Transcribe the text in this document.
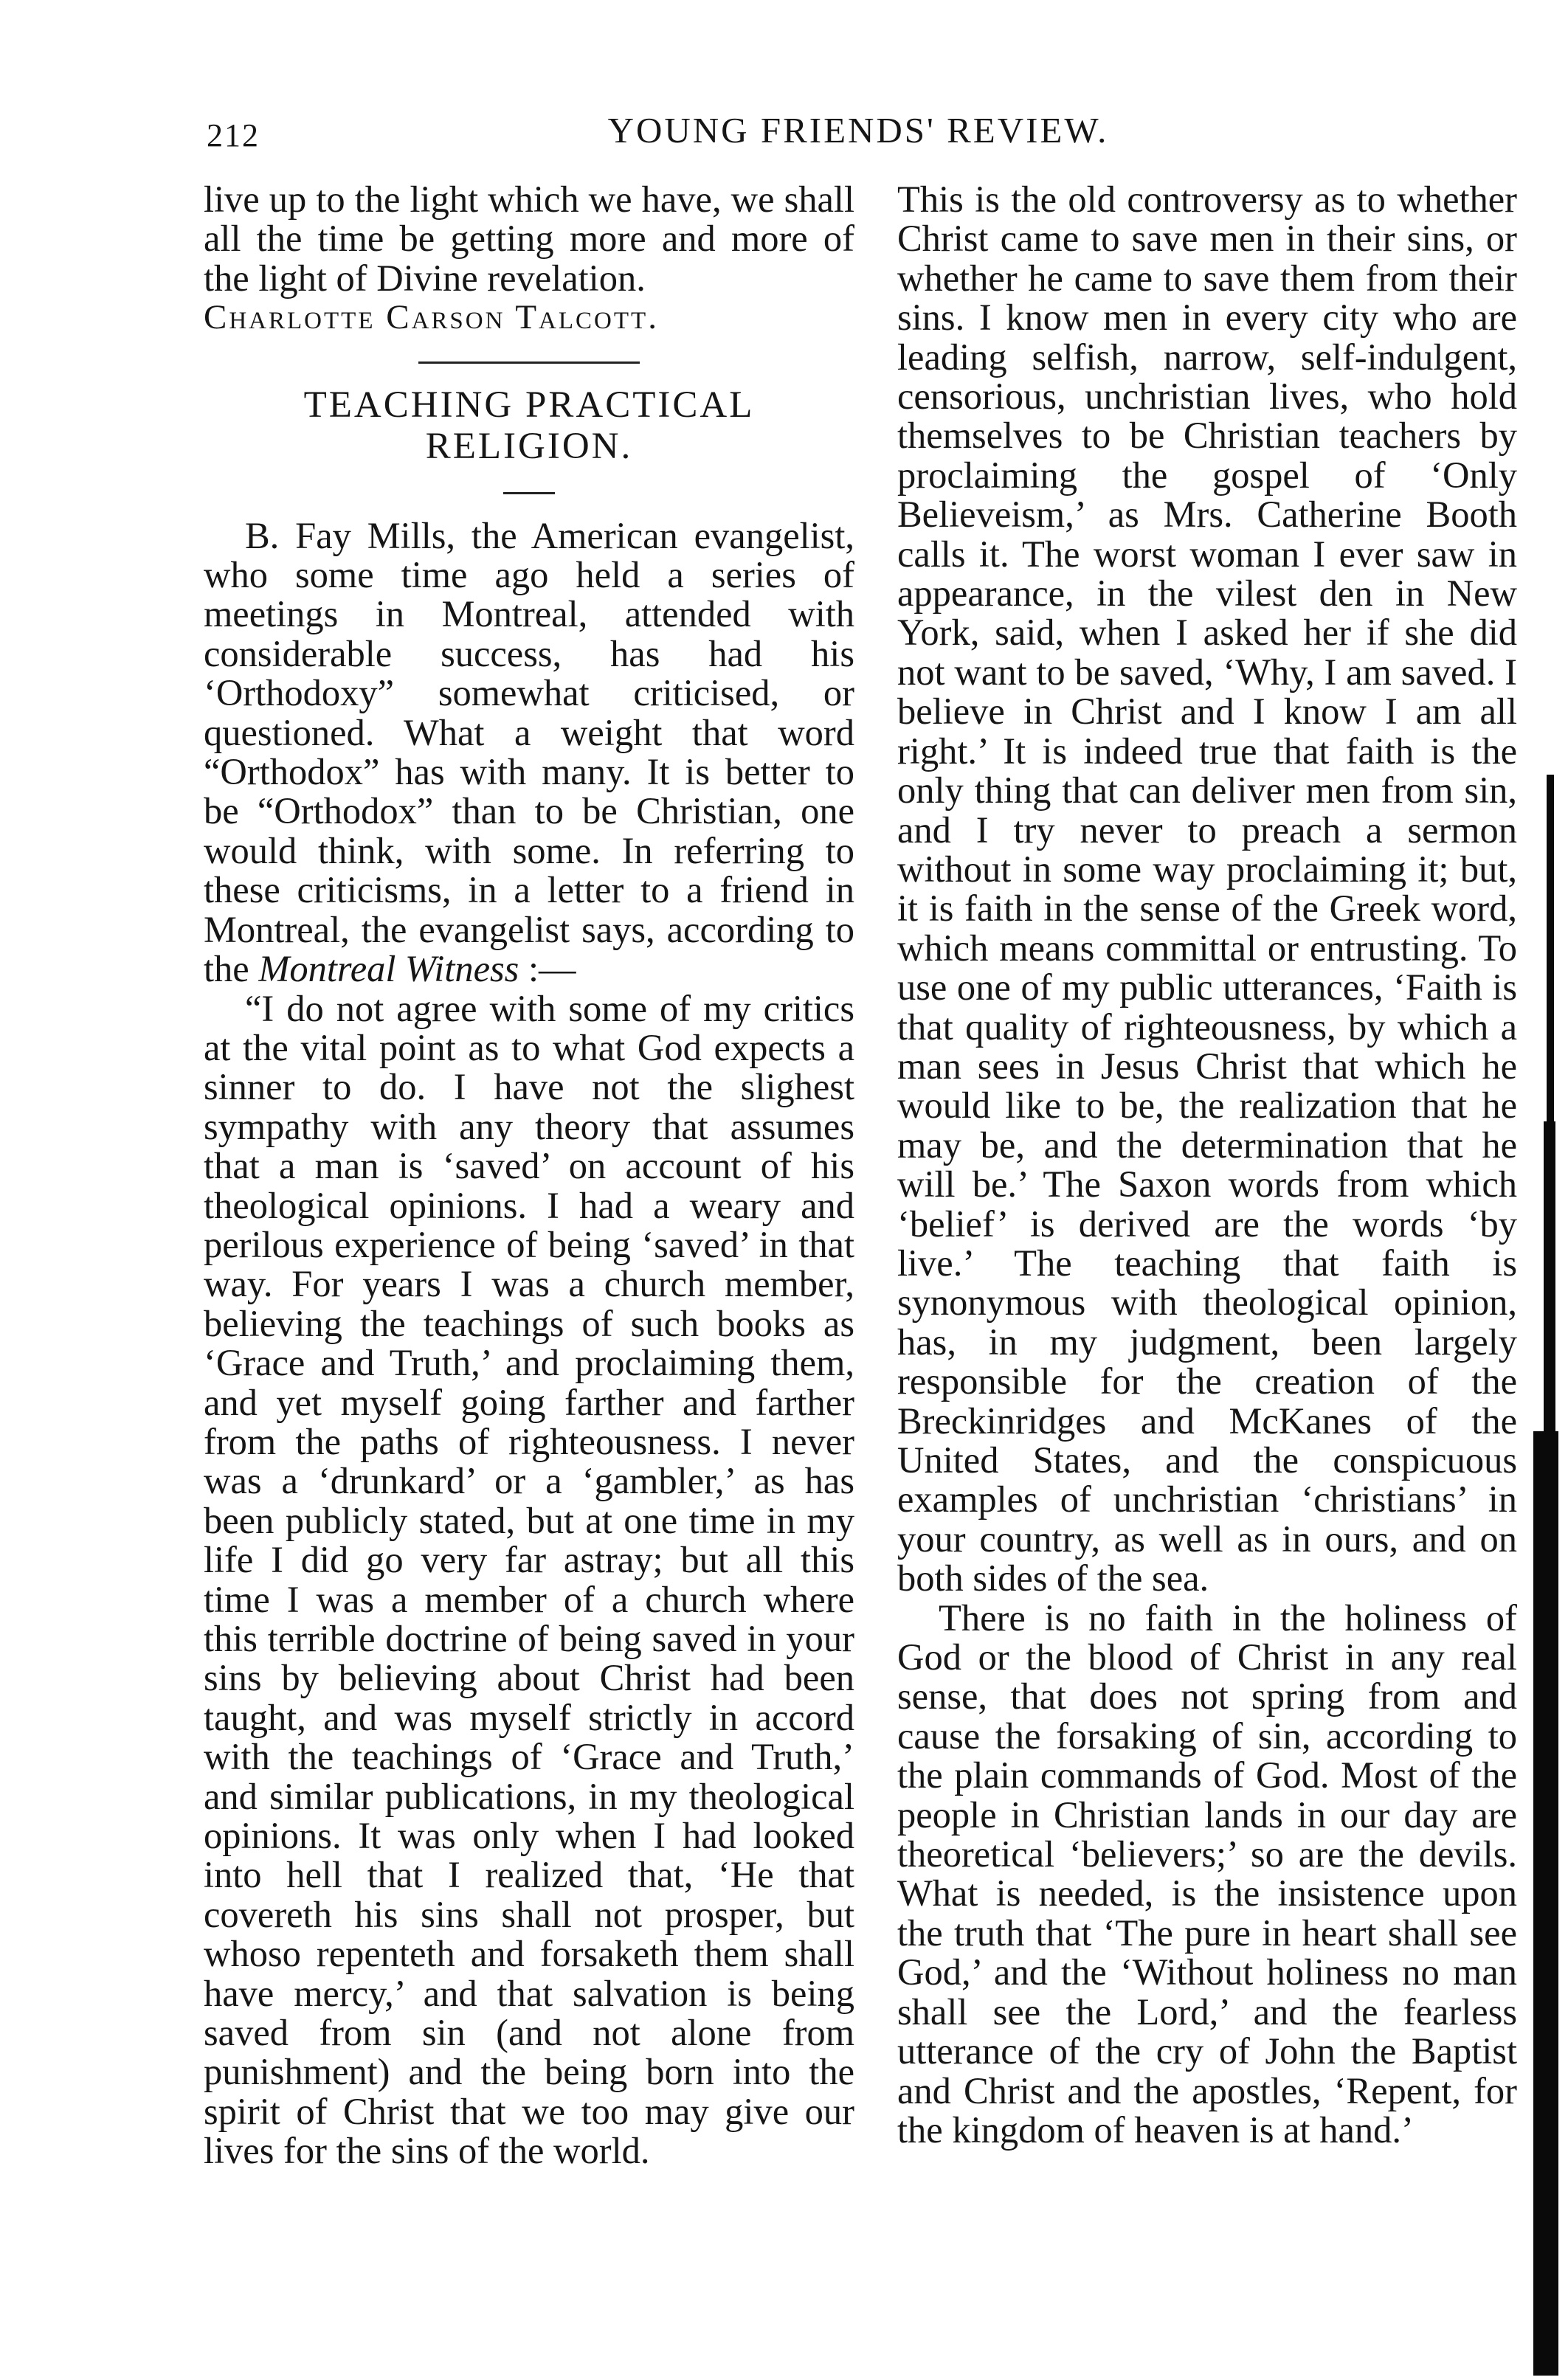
212	YOUNG FRIENDS' REVIEW.

live up to the light which we have, we shall all the time be getting more and more of the light of Divine revelation.

Charlotte Carson Talcott.

TEACHING PRACTICAL RELIGION.

B. Fay Mills, the American evangelist, who some time ago held a series of meetings in Montreal, attended with considerable success, has had his ‘Orthodoxy” somewhat criticised, or questioned. What a weight that word “Orthodox” has with many. It is better to be “Orthodox” than to be Christian, one would think, with some. In referring to these criticisms, in a letter to a friend in Montreal, the evangelist says, according to the Montreal Witness :—

“I do not agree with some of my critics at the vital point as to what God expects a sinner to do. I have not the slighest sympathy with any theory that assumes that a man is ‘saved’ on account of his theological opinions. I had a weary and perilous experience of being ‘saved’ in that way. For years I was a church member, believing the teachings of such books as ‘Grace and Truth,’ and proclaiming them, and yet myself going farther and farther from the paths of righteousness. I never was a ‘drunkard’ or a ‘gambler,’ as has been publicly stated, but at one time in my life I did go very far astray; but all this time I was a member of a church where this terrible doctrine of being saved in your sins by believing about Christ had been taught, and was myself strictly in accord with the teachings of ‘Grace and Truth,’ and similar publications, in my theological opinions. It was only when I had looked into hell that I realized that, ‘He that covereth his sins shall not prosper, but whoso repenteth and forsaketh them shall have mercy,’ and that salvation is being saved from sin (and not alone from punishment) and the being born into the spirit of Christ that we too may give our lives for the sins of the world.

This is the old controversy as to whether Christ came to save men in their sins, or whether he came to save them from their sins. I know men in every city who are leading selfish, narrow, self-indulgent, censorious, unchristian lives, who hold themselves to be Christian teachers by proclaiming the gospel of ‘Only Believeism,’ as Mrs. Catherine Booth calls it. The worst woman I ever saw in appearance, in the vilest den in New York, said, when I asked her if she did not want to be saved, ‘Why, I am saved. I believe in Christ and I know I am all right.’ It is indeed true that faith is the only thing that can deliver men from sin, and I try never to preach a sermon without in some way proclaiming it; but, it is faith in the sense of the Greek word, which means committal or entrusting. To use one of my public utterances, ‘Faith is that quality of righteousness, by which a man sees in Jesus Christ that which he would like to be, the realization that he may be, and the determination that he will be.’ The Saxon words from which ‘belief’ is derived are the words ‘by live.’ The teaching that faith is synonymous with theological opinion, has, in my judgment, been largely responsible for the creation of the Breckinridges and McKanes of the United States, and the conspicuous examples of unchristian ‘christians’ in your country, as well as in ours, and on both sides of the sea.

There is no faith in the holiness of God or the blood of Christ in any real sense, that does not spring from and cause the forsaking of sin, according to the plain commands of God. Most of the people in Christian lands in our day are theoretical ‘believers;’ so are the devils. What is needed, is the insistence upon the truth that ‘The pure in heart shall see God,’ and the ‘Without holiness no man shall see the Lord,’ and the fearless utterance of the cry of John the Baptist and Christ and the apostles, ‘Repent, for the kingdom of heaven is at hand.’
